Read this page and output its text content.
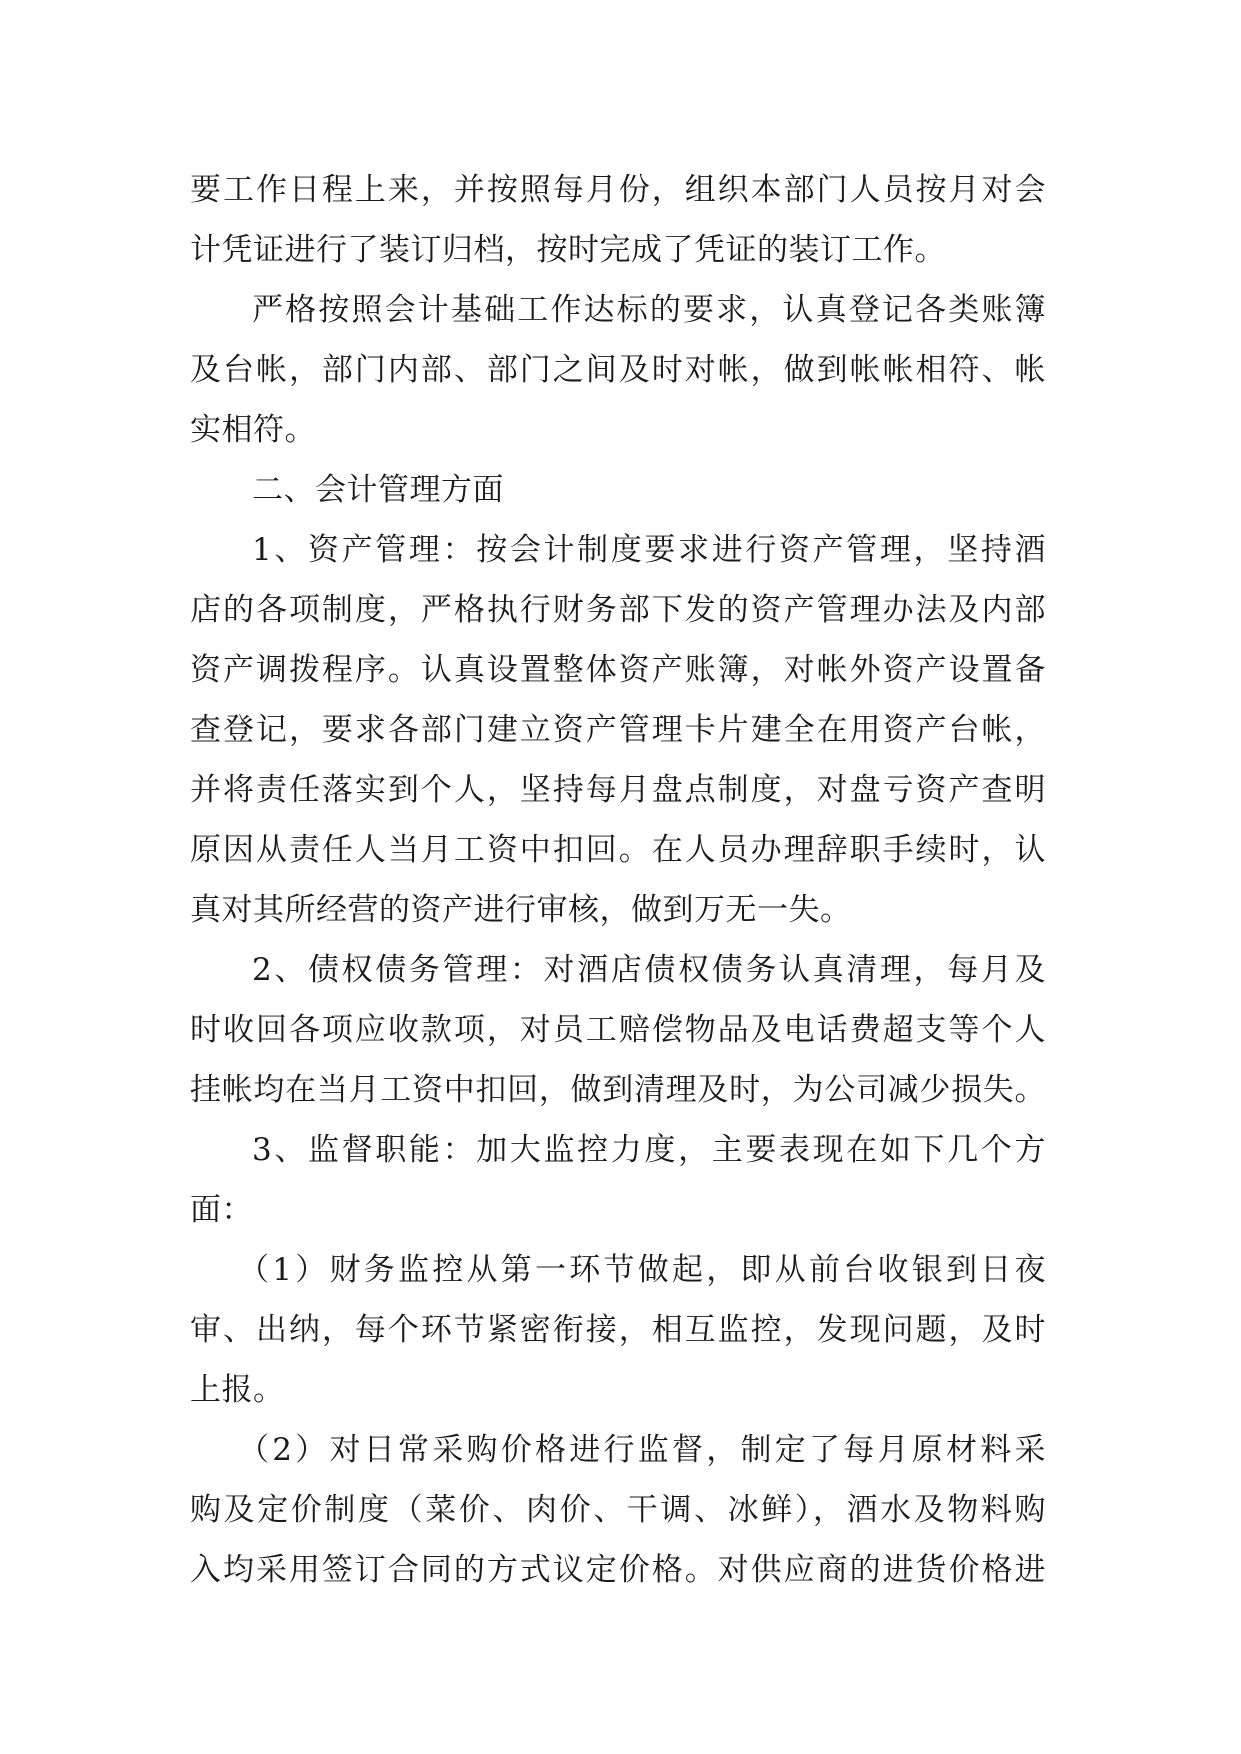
要工作日程上来，并按照每月份，组织本部门人员按月对会
计凭证进行了装订归档，按时完成了凭证的装订工作。
严格按照会计基础工作达标的要求，认真登记各类账簿
及台帐，部门内部、部门之间及时对帐，做到帐帐相符、帐
实相符。
二、会计管理方面
1、资产管理：按会计制度要求进行资产管理，坚持酒
店的各项制度，严格执行财务部下发的资产管理办法及内部
资产调拨程序。认真设置整体资产账簿，对帐外资产设置备
查登记，要求各部门建立资产管理卡片建全在用资产台帐，
并将责任落实到个人，坚持每月盘点制度，对盘亏资产查明
原因从责任人当月工资中扣回。在人员办理辞职手续时，认
真对其所经营的资产进行审核，做到万无一失。
2、债权债务管理：对酒店债权债务认真清理，每月及
时收回各项应收款项，对员工赔偿物品及电话费超支等个人
挂帐均在当月工资中扣回，做到清理及时，为公司减少损失。
3、监督职能：加大监控力度，主要表现在如下几个方
面：
（1）财务监控从第一环节做起，即从前台收银到日夜
审、出纳，每个环节紧密衔接，相互监控，发现问题，及时
上报。
（2）对日常采购价格进行监督，制定了每月原材料采
购及定价制度（菜价、肉价、干调、冰鲜），酒水及物料购
入均采用签订合同的方式议定价格。对供应商的进货价格进
